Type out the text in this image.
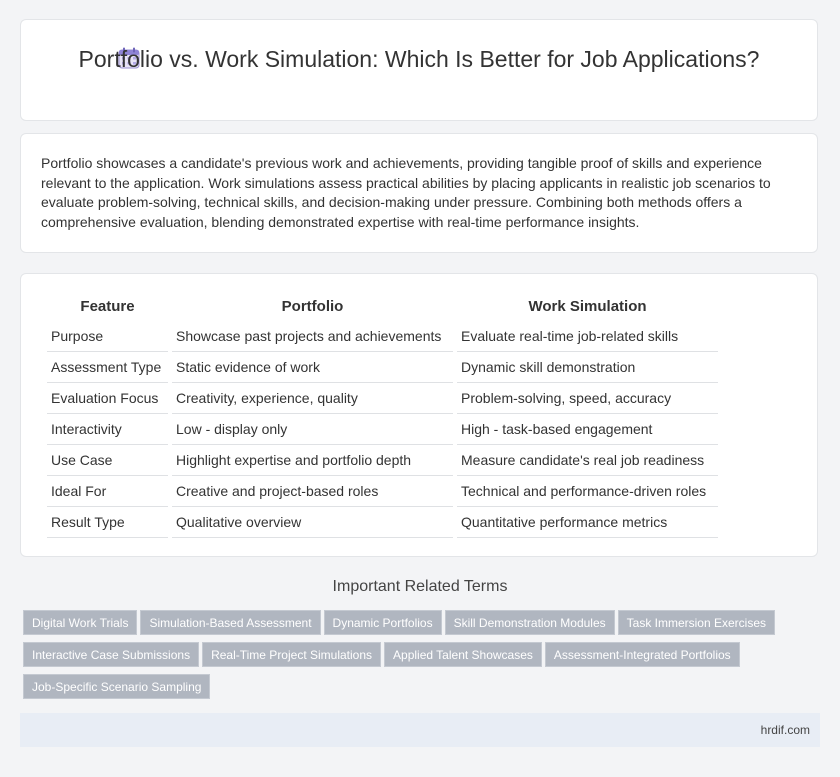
Portfolio vs. Work Simulation: Which Is Better for Job Applications?

Portfolio showcases a candidate's previous work and achievements, providing tangible proof of skills and experience relevant to the application. Work simulations assess practical abilities by placing applicants in realistic job scenarios to evaluate problem-solving, technical skills, and decision-making under pressure. Combining both methods offers a comprehensive evaluation, blending demonstrated expertise with real-time performance insights.

Feature	Portfolio	Work Simulation
Purpose	Showcase past projects and achievements	Evaluate real-time job-related skills
Assessment Type	Static evidence of work	Dynamic skill demonstration
Evaluation Focus	Creativity, experience, quality	Problem-solving, speed, accuracy
Interactivity	Low - display only	High - task-based engagement
Use Case	Highlight expertise and portfolio depth	Measure candidate's real job readiness
Ideal For	Creative and project-based roles	Technical and performance-driven roles
Result Type	Qualitative overview	Quantitative performance metrics
Important Related Terms
Digital Work Trials Simulation-Based Assessment Dynamic Portfolios Skill Demonstration Modules Task Immersion ExercisesInteractive Case Submissions Real-Time Project Simulations Applied Talent Showcases Assessment-Integrated PortfoliosJob-Specific Scenario Sampling
hrdif.com
